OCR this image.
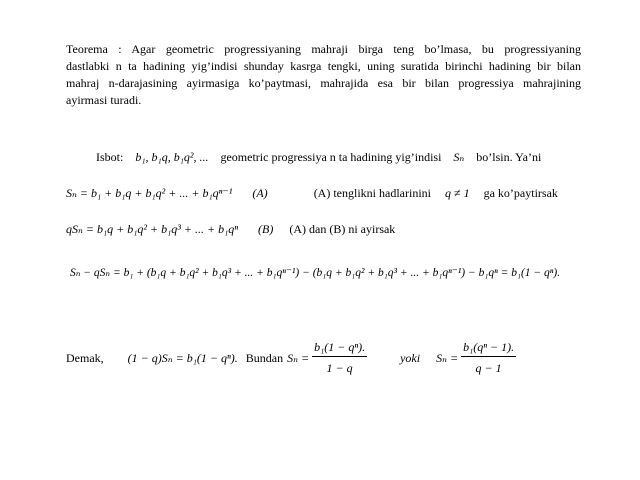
Teorema : Agar geometric progressiyaning mahraji birga teng bo’lmasa, bu progressiyaning
dastlabki n ta hadining yig’indisi shunday kasrga tengki, uning suratida birinchi hadining bir bilan
mahraj n-darajasining ayirmasiga ko’paytmasi, mahrajida esa bir bilan progressiya mahrajining
ayirmasi turadi.
Isbot: b₁, b₁q, b₁q², ... geometric progressiya n ta hadining yig’indisi Sₙ bo’lsin. Ya’ni
Sₙ = b₁ + b₁q + b₁q² + ... + b₁qⁿ⁻¹ (A)	(A) tenglikni hadlarinini q ≠ 1 ga ko’paytirsak
qSₙ = b₁q + b₁q² + b₁q³ + ... + b₁qⁿ (B) (A) dan (B) ni ayirsak
Sₙ − qSₙ = b₁ + (b₁q + b₁q² + b₁q³ + ... + b₁qⁿ⁻¹) − (b₁q + b₁q² + b₁q³ + ... + b₁qⁿ⁻¹) − b₁qⁿ = b₁(1 − qⁿ).
Demak, (1 − q)Sₙ = b₁(1 − qⁿ). Bundan $S_n = \frac{\text{b₁(1 − qⁿ).}}{1 - q}$	yoki $S_n = \frac{\text{b₁(qⁿ − 1).}}{q - 1}$
